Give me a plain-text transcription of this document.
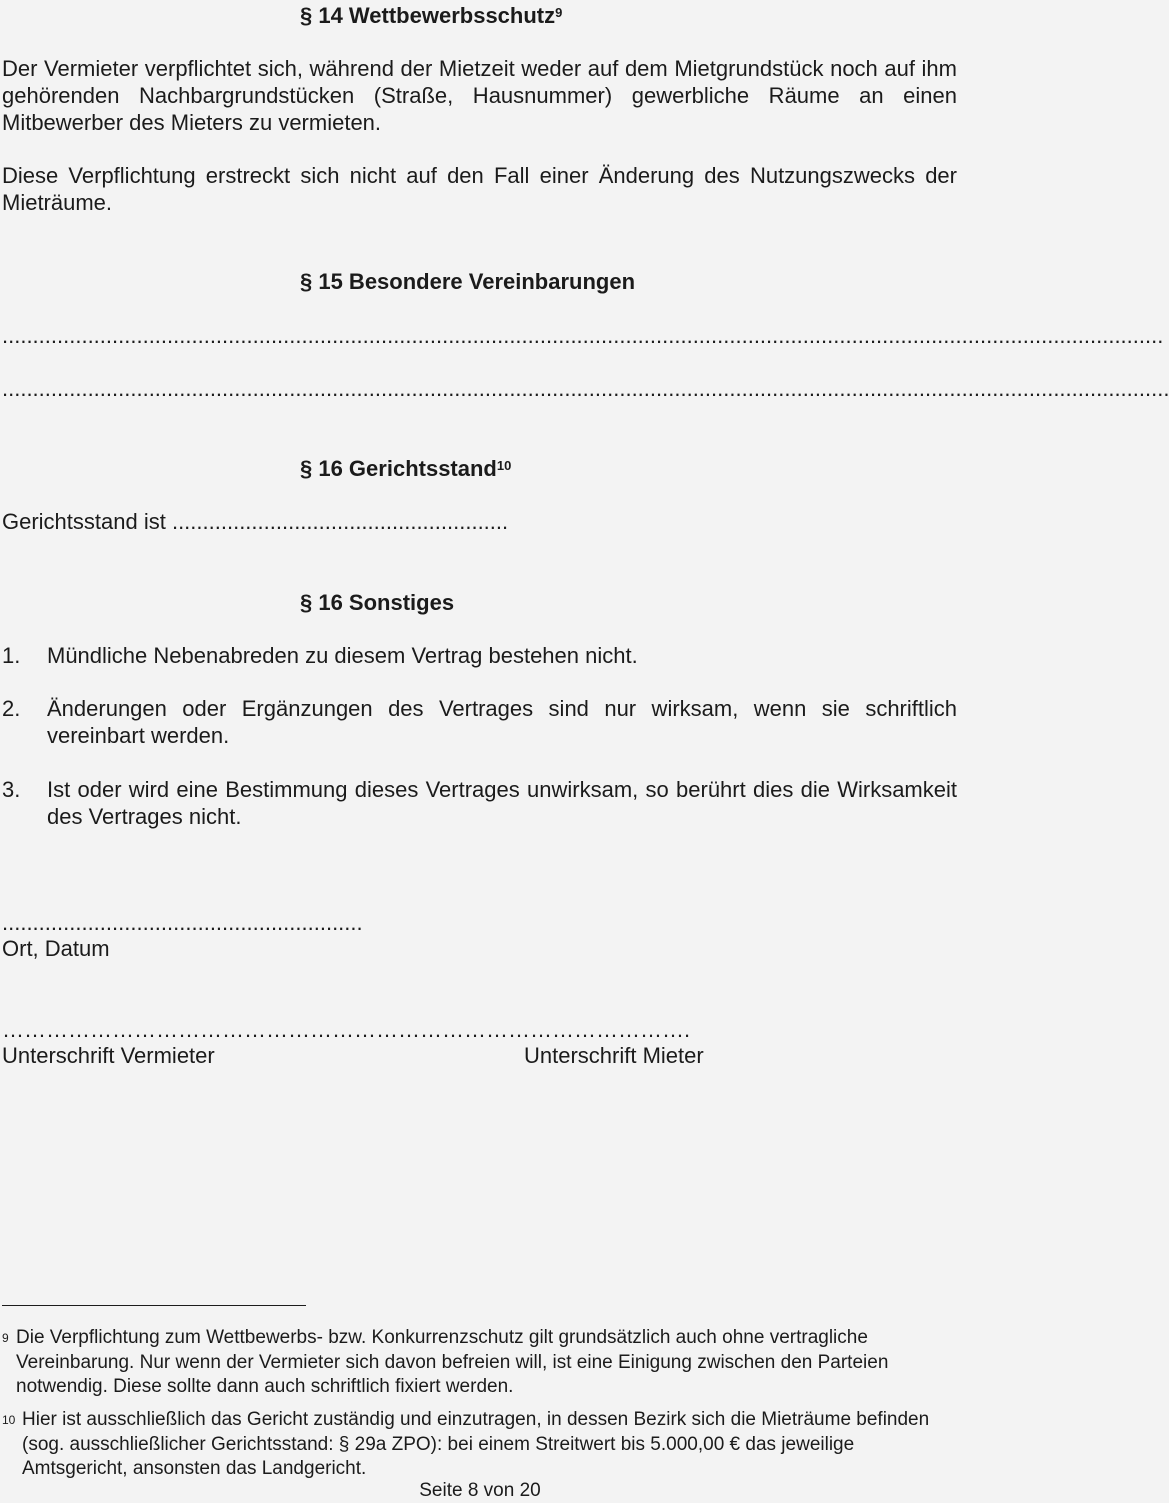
§ 14 Wettbewerbsschutz$^9$
Der Vermieter verpflichtet sich, während der Mietzeit weder auf dem Mietgrundstück noch auf ihm gehörenden Nachbargrundstücken (Straße, Hausnummer) gewerbliche Räume an einen Mitbewerber des Mieters zu vermieten.
Diese Verpflichtung erstreckt sich nicht auf den Fall einer Änderung des Nutzungszwecks der Mieträume.
§ 15 Besondere Vereinbarungen
..............................................................................................................................................................................................
...............................................................................................................................................................................................
§ 16 Gerichtsstand$^{10}$
Gerichtsstand ist .......................................................
§ 16 Sonstiges
1. Mündliche Nebenabreden zu diesem Vertrag bestehen nicht.
2. Änderungen oder Ergänzungen des Vertrages sind nur wirksam, wenn sie schriftlich vereinbart werden.
3. Ist oder wird eine Bestimmung dieses Vertrages unwirksam, so berührt dies die Wirksamkeit des Vertrages nicht.
...........................................................
Ort, Datum
………………………………………………………………………………….
Unterschrift Vermieter	Unterschrift Mieter
9 Die Verpflichtung zum Wettbewerbs- bzw. Konkurrenzschutz gilt grundsätzlich auch ohne vertragliche Vereinbarung. Nur wenn der Vermieter sich davon befreien will, ist eine Einigung zwischen den Parteien notwendig. Diese sollte dann auch schriftlich fixiert werden.
10 Hier ist ausschließlich das Gericht zuständig und einzutragen, in dessen Bezirk sich die Mieträume befinden (sog. ausschließlicher Gerichtsstand: § 29a ZPO): bei einem Streitwert bis 5.000,00 € das jeweilige Amtsgericht, ansonsten das Landgericht.
Seite 8 von 20
